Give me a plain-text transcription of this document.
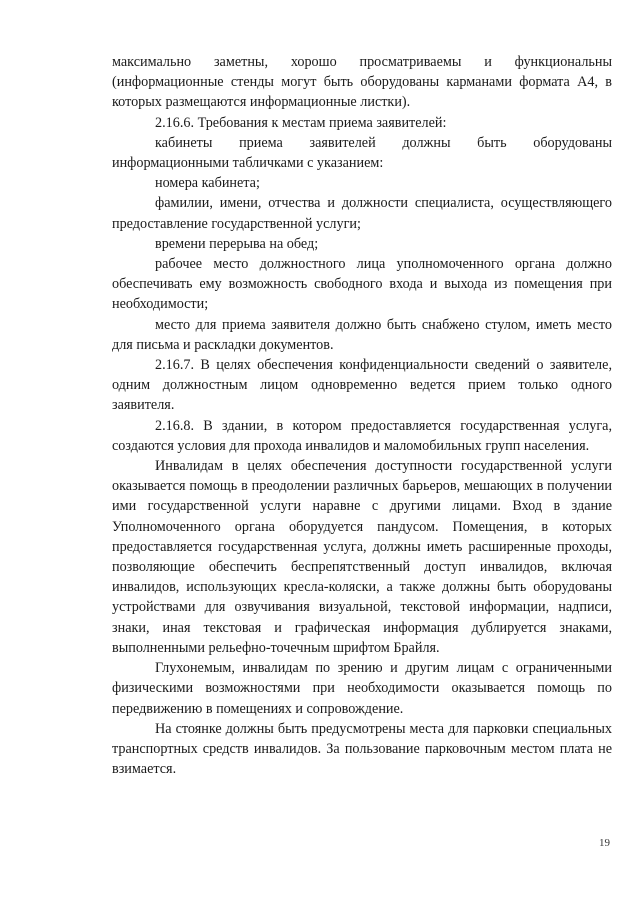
максимально заметны, хорошо просматриваемы и функциональны (информационные стенды могут быть оборудованы карманами формата А4, в которых размещаются информационные листки).

2.16.6. Требования к местам приема заявителей:

кабинеты приема заявителей должны быть оборудованы информационными табличками с указанием:

номера кабинета;

фамилии, имени, отчества и должности специалиста, осуществляющего предоставление государственной услуги;

времени перерыва на обед;

рабочее место должностного лица уполномоченного органа должно обеспечивать ему возможность свободного входа и выхода из помещения при необходимости;

место для приема заявителя должно быть снабжено стулом, иметь место для письма и раскладки документов.

2.16.7. В целях обеспечения конфиденциальности сведений о заявителе, одним должностным лицом одновременно ведется прием только одного заявителя.

2.16.8. В здании, в котором предоставляется государственная услуга, создаются условия для прохода инвалидов и маломобильных групп населения.

Инвалидам в целях обеспечения доступности государственной услуги оказывается помощь в преодолении различных барьеров, мешающих в получении ими государственной услуги наравне с другими лицами. Вход в здание Уполномоченного органа оборудуется пандусом. Помещения, в которых предоставляется государственная услуга, должны иметь расширенные проходы, позволяющие обеспечить беспрепятственный доступ инвалидов, включая инвалидов, использующих кресла-коляски, а также должны быть оборудованы устройствами для озвучивания визуальной, текстовой информации, надписи, знаки, иная текстовая и графическая информация дублируется знаками, выполненными рельефно-точечным шрифтом Брайля.

Глухонемым, инвалидам по зрению и другим лицам с ограниченными физическими возможностями при необходимости оказывается помощь по передвижению в помещениях и сопровождение.

На стоянке должны быть предусмотрены места для парковки специальных транспортных средств инвалидов. За пользование парковочным местом плата не взимается.

19
